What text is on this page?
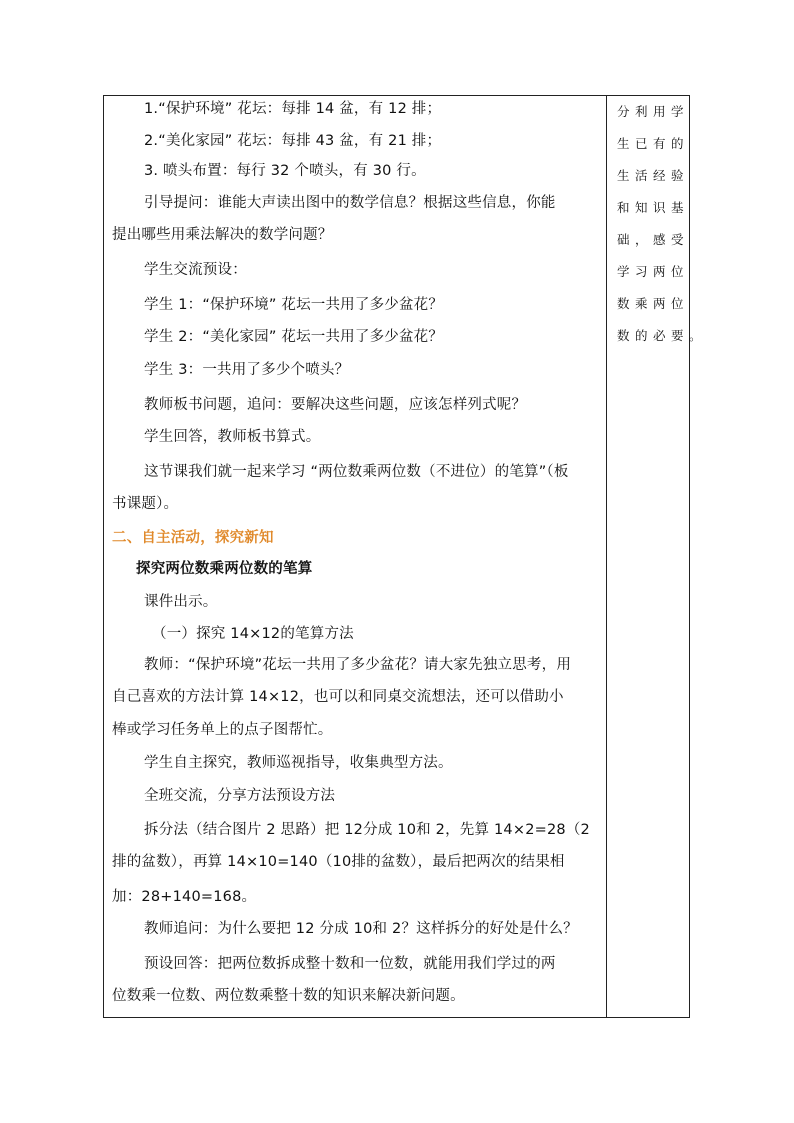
1.“保护环境” 花坛：每排 14 盆，有 12 排；
2.“美化家园” 花坛：每排 43 盆，有 21 排；
3. 喷头布置：每行 32 个喷头，有 30 行。
引导提问：谁能大声读出图中的数学信息？根据这些信息，你能
提出哪些用乘法解决的数学问题？
学生交流预设：
学生 1：“保护环境” 花坛一共用了多少盆花？
学生 2：“美化家园” 花坛一共用了多少盆花？
学生 3：一共用了多少个喷头？
教师板书问题，追问：要解决这些问题，应该怎样列式呢？
学生回答，教师板书算式。
这节课我们就一起来学习 “两位数乘两位数（不进位）的笔算”（板
书课题）。
二、自主活动，探究新知
探究两位数乘两位数的笔算
课件出示。
（一）探究 14×12的笔算方法
教师：“保护环境”花坛一共用了多少盆花？请大家先独立思考，用
自己喜欢的方法计算 14×12，也可以和同桌交流想法，还可以借助小
棒或学习任务单上的点子图帮忙。
学生自主探究，教师巡视指导，收集典型方法。
全班交流，分享方法预设方法
拆分法（结合图片 2 思路）把 12分成 10和 2，先算 14×2=28（2
排的盆数），再算 14×10=140（10排的盆数），最后把两次的结果相
加：28+140=168。
教师追问：为什么要把 12 分成 10和 2？这样拆分的好处是什么？
预设回答：把两位数拆成整十数和一位数，就能用我们学过的两
位数乘一位数、两位数乘整十数的知识来解决新问题。
分利用学
生已有的
生活经验
和知识基
础，感受
学习两位
数乘两位
数的必要。
